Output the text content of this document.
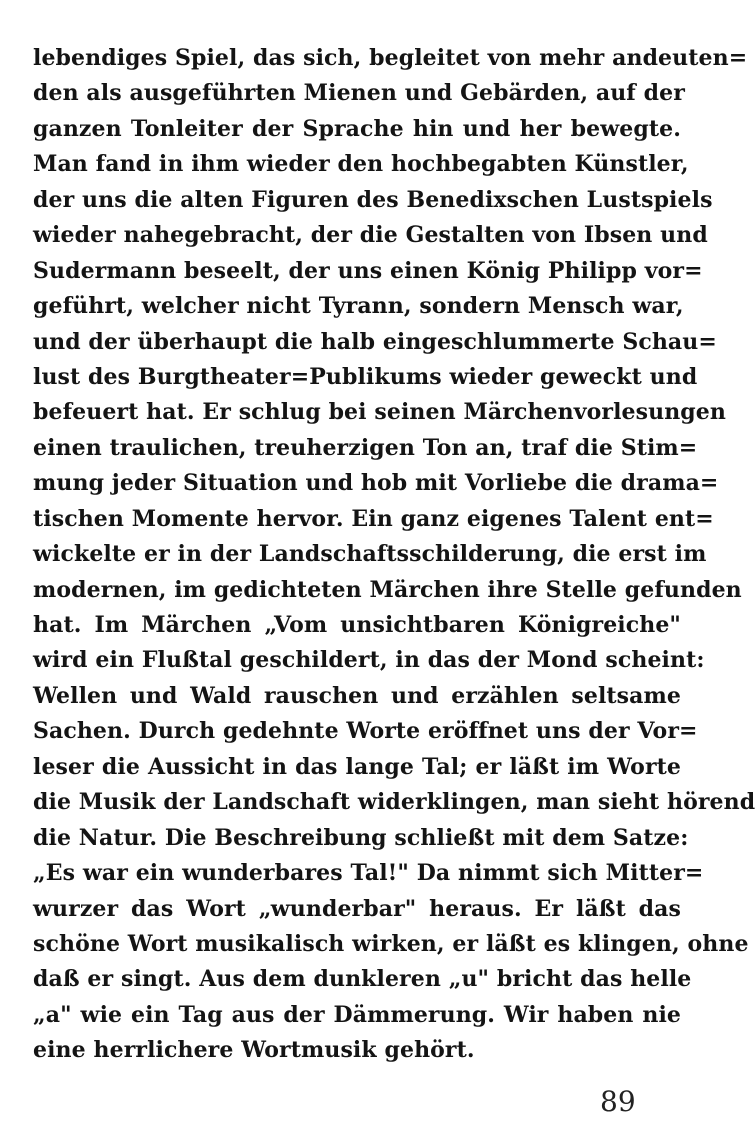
lebendiges Spiel, das sich, begleitet von mehr andeuten=
den als ausgeführten Mienen und Gebärden, auf der
ganzen Tonleiter der Sprache hin und her bewegte.
Man fand in ihm wieder den hochbegabten Künstler,
der uns die alten Figuren des Benedixschen Lustspiels
wieder nahegebracht, der die Gestalten von Ibsen und
Sudermann beseelt, der uns einen König Philipp vor=
geführt, welcher nicht Tyrann, sondern Mensch war,
und der überhaupt die halb eingeschlummerte Schau=
lust des Burgtheater=Publikums wieder geweckt und
befeuert hat. Er schlug bei seinen Märchenvorlesungen
einen traulichen, treuherzigen Ton an, traf die Stim=
mung jeder Situation und hob mit Vorliebe die drama=
tischen Momente hervor. Ein ganz eigenes Talent ent=
wickelte er in der Landschaftsschilderung, die erst im
modernen, im gedichteten Märchen ihre Stelle gefunden
hat. Im Märchen „Vom unsichtbaren Königreiche"
wird ein Flußtal geschildert, in das der Mond scheint:
Wellen und Wald rauschen und erzählen seltsame
Sachen. Durch gedehnte Worte eröffnet uns der Vor=
leser die Aussicht in das lange Tal; er läßt im Worte
die Musik der Landschaft widerklingen, man sieht hörend
die Natur. Die Beschreibung schließt mit dem Satze:
„Es war ein wunderbares Tal!" Da nimmt sich Mitter=
wurzer das Wort „wunderbar" heraus. Er läßt das
schöne Wort musikalisch wirken, er läßt es klingen, ohne
daß er singt. Aus dem dunkleren „u" bricht das helle
„a" wie ein Tag aus der Dämmerung. Wir haben nie
eine herrlichere Wortmusik gehört.
89
